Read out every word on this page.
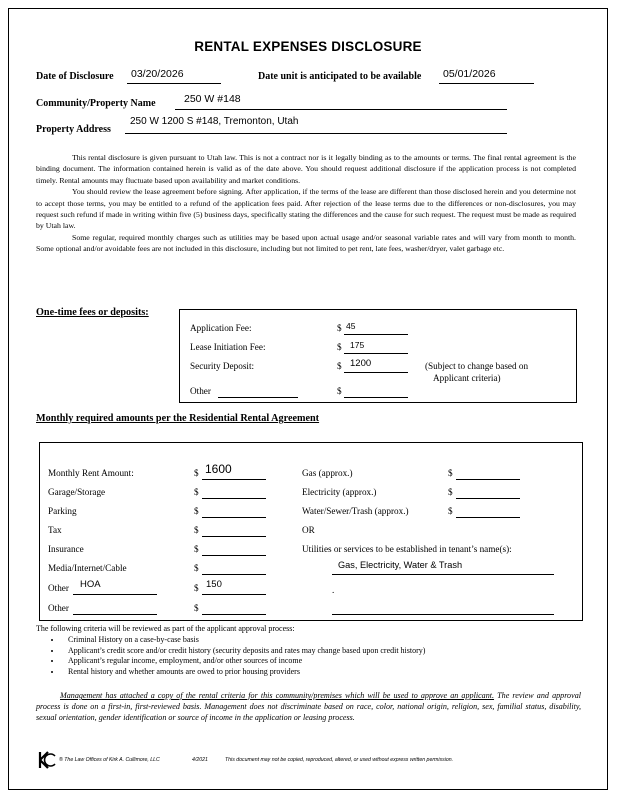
RENTAL EXPENSES DISCLOSURE
Date of Disclosure 03/20/2026	Date unit is anticipated to be available 05/01/2026
Community/Property Name	250 W #148
Property Address
250 W 1200 S #148, Tremonton, Utah

This rental disclosure is given pursuant to Utah law. This is not a contract nor is it legally binding as to the amounts or terms. The final rental agreement is the binding document. The information contained herein is valid as of the date above. You should request additional disclosure if the application process is not completed timely. Rental amounts may fluctuate based upon availability and market conditions.

You should review the lease agreement before signing. After application, if the terms of the lease are different than those disclosed herein and you determine not to accept those terms, you may be entitled to a refund of the application fees paid. After rejection of the lease terms due to the differences or non-disclosures, you may request such refund if made in writing within five (5) business days, specifically stating the differences and the cause for such request. The request must be made as required by Utah law.

Some regular, required monthly charges such as utilities may be based upon actual usage and/or seasonal variable rates and will vary from month to month. Some optional and/or avoidable fees are not included in this disclosure, including but not limited to pet rent, late fees, washer/dryer, valet garbage etc.

One-time fees or deposits:
Application Fee:	$ 45
Lease Initiation Fee:	$ 175
Security Deposit:	$ 1200
Other	$
(Subject to change based on
Applicant criteria)
Monthly required amounts per the Residential Rental Agreement
Monthly Rent Amount:	$ 1600
Garage/Storage	$
Parking	$
Tax	$
Insurance	$
Media/Internet/Cable	$
Other HOA	$ 150
Other	$
Gas (approx.)	$
Electricity (approx.)	$
Water/Sewer/Trash (approx.)	$
OR
Utilities or services to be established in tenant’s name(s):
Gas, Electricity, Water & Trash
.
The following criteria will be reviewed as part of the applicant approval process:
• Criminal History on a case-by-case basis
• Applicant’s credit score and/or credit history (security deposits and rates may change based upon credit history)
• Applicant’s regular income, employment, and/or other sources of income
• Rental history and whether amounts are owed to prior housing providers
Management has attached a copy of the rental criteria for this community/premises which will be used to approve an applicant. The review and approval process is done on a first-in, first-reviewed basis. Management does not discriminate based on race, color, national origin, religion, sex, familial status, disability, sexual orientation, gender identification or source of income in the application or leasing process.
® The Law Offices of Kirk A. Cullimore, LLC	4/2021	This document may not be copied, reproduced, altered, or used without express written permission.
